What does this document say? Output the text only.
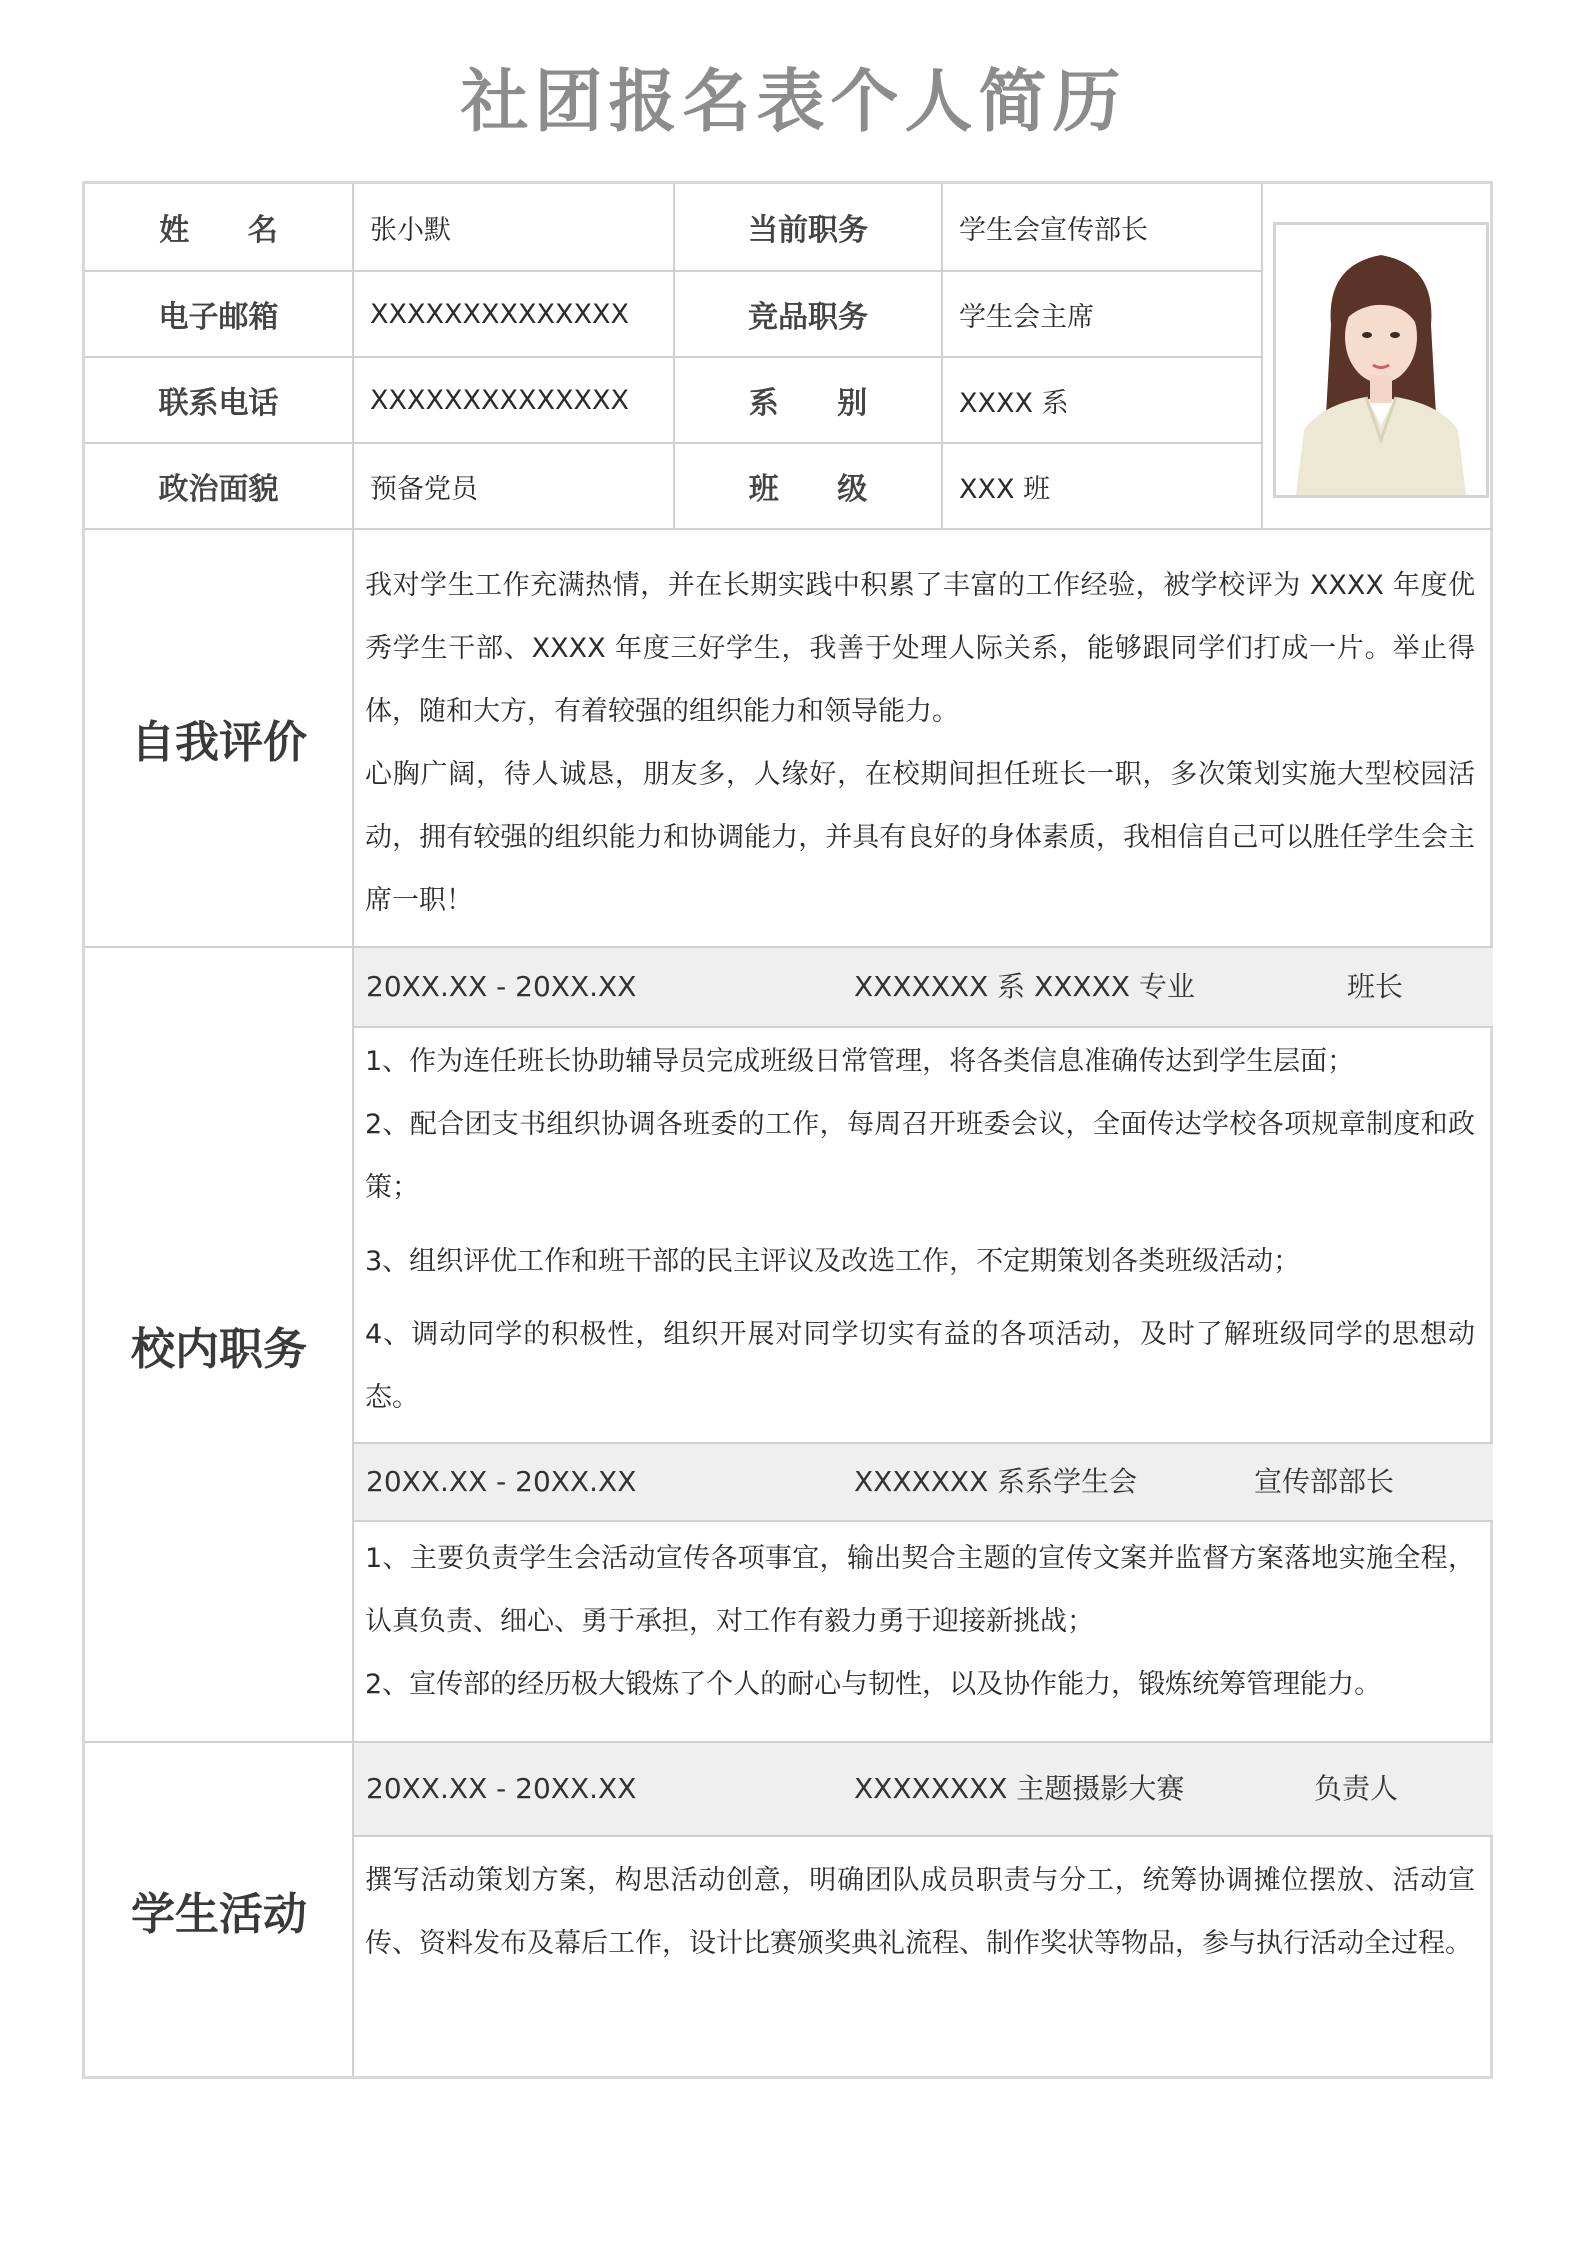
社团报名表个人简历
姓 名	张小默	当前职务	学生会宣传部长
电子邮箱	XXXXXXXXXXXXXX	竞品职务	学生会主席
联系电话	XXXXXXXXXXXXXX	系 别	XXXX 系
政治面貌	预备党员	班 级	XXX 班
自我评价

我对学生工作充满热情，并在长期实践中积累了丰富的工作经验，被学校评为 XXXX 年度优秀学生干部、XXXX 年度三好学生，我善于处理人际关系，能够跟同学们打成一片。举止得体，随和大方，有着较强的组织能力和领导能力。

心胸广阔，待人诚恳，朋友多，人缘好，在校期间担任班长一职，多次策划实施大型校园活动，拥有较强的组织能力和协调能力，并具有良好的身体素质，我相信自己可以胜任学生会主席一职！

校内职务
20XX.XX - 20XX.XX	XXXXXXX 系 XXXXX 专业	班长

1、作为连任班长协助辅导员完成班级日常管理，将各类信息准确传达到学生层面；

2、配合团支书组织协调各班委的工作，每周召开班委会议，全面传达学校各项规章制度和政策；

3、组织评优工作和班干部的民主评议及改选工作，不定期策划各类班级活动；

4、调动同学的积极性，组织开展对同学切实有益的各项活动，及时了解班级同学的思想动态。

20XX.XX - 20XX.XX	XXXXXXX 系系学生会	宣传部部长

1、主要负责学生会活动宣传各项事宜，输出契合主题的宣传文案并监督方案落地实施全程，认真负责、细心、勇于承担，对工作有毅力勇于迎接新挑战；

2、宣传部的经历极大锻炼了个人的耐心与韧性，以及协作能力，锻炼统筹管理能力。

学生活动
20XX.XX - 20XX.XX	XXXXXXXX 主题摄影大赛	负责人

撰写活动策划方案，构思活动创意，明确团队成员职责与分工，统筹协调摊位摆放、活动宣传、资料发布及幕后工作，设计比赛颁奖典礼流程、制作奖状等物品，参与执行活动全过程。
